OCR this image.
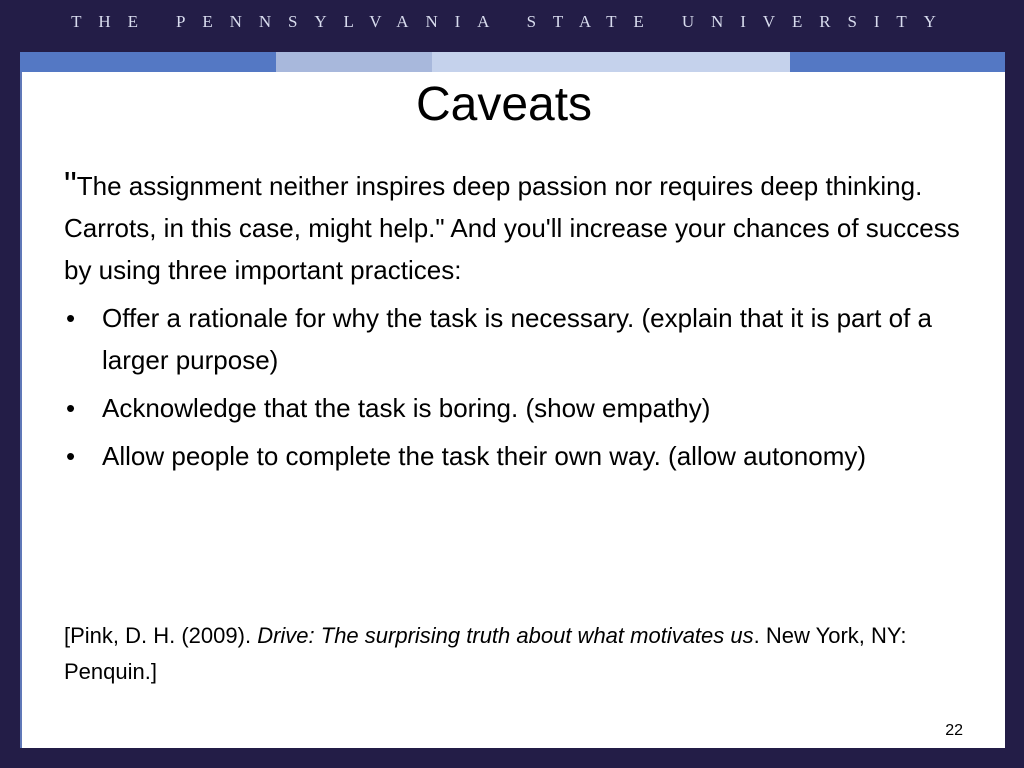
THE PENNSYLVANIA STATE UNIVERSITY
Caveats
"The assignment neither inspires deep passion nor requires deep thinking. Carrots, in this case, might help." And you'll increase your chances of success by using three important practices:
• Offer a rationale for why the task is necessary. (explain that it is part of a larger purpose)
• Acknowledge that the task is boring. (show empathy)
• Allow people to complete the task their own way. (allow autonomy)
[Pink, D. H. (2009). Drive: The surprising truth about what motivates us. New York, NY: Penquin.]
22
